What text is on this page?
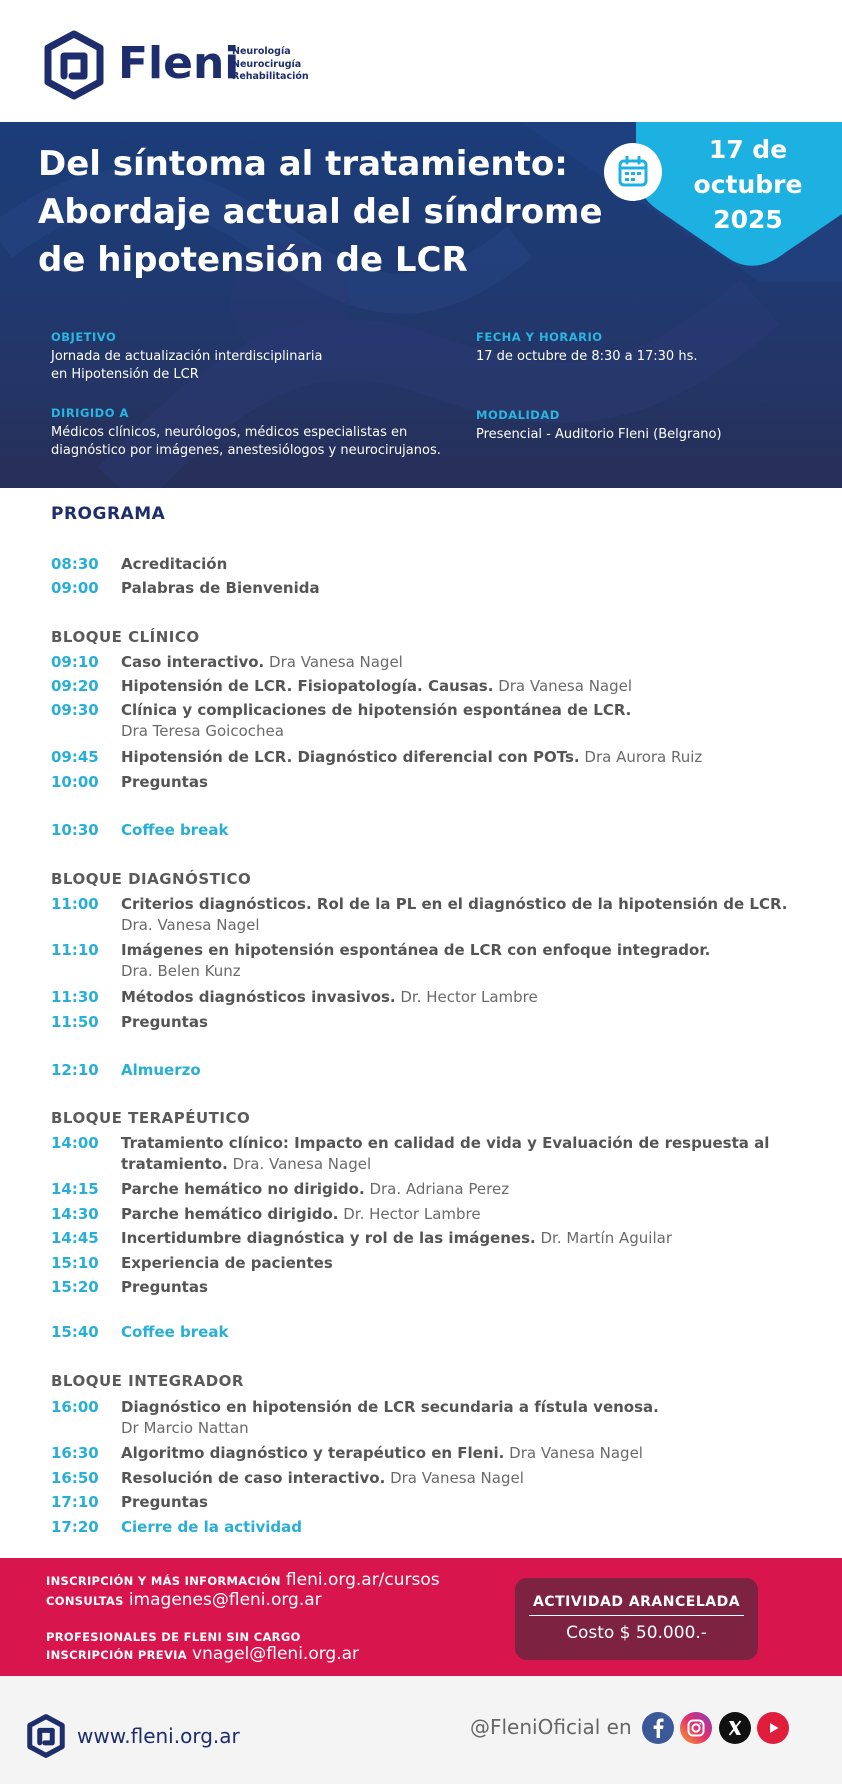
Fleni
Neurología
Neurocirugía
Rehabilitación
Del síntoma al tratamiento:
Abordaje actual del síndrome
de hipotensión de LCR
17 de
octubre
2025
OBJETIVO
Jornada de actualización interdisciplinaria
en Hipotensión de LCR
DIRIGIDO A
Médicos clínicos, neurólogos, médicos especialistas en
diagnóstico por imágenes, anestesiólogos y neurocirujanos.
FECHA Y HORARIO
17 de octubre de 8:30 a 17:30 hs.
MODALIDAD
Presencial - Auditorio Fleni (Belgrano)
PROGRAMA
08:30	Acreditación
09:00	Palabras de Bienvenida
BLOQUE CLÍNICO
09:10	Caso interactivo. Dra Vanesa Nagel
09:20	Hipotensión de LCR. Fisiopatología. Causas. Dra Vanesa Nagel
09:30	Clínica y complicaciones de hipotensión espontánea de LCR.
Dra Teresa Goicochea
09:45	Hipotensión de LCR. Diagnóstico diferencial con POTs. Dra Aurora Ruiz
10:00	Preguntas
10:30	Coffee break
BLOQUE DIAGNÓSTICO
11:00	Criterios diagnósticos. Rol de la PL en el diagnóstico de la hipotensión de LCR.
Dra. Vanesa Nagel
11:10	Imágenes en hipotensión espontánea de LCR con enfoque integrador.
Dra. Belen Kunz
11:30	Métodos diagnósticos invasivos. Dr. Hector Lambre
11:50	Preguntas
12:10	Almuerzo
BLOQUE TERAPÉUTICO
14:00	Tratamiento clínico: Impacto en calidad de vida y Evaluación de respuesta al
tratamiento. Dra. Vanesa Nagel
14:15	Parche hemático no dirigido. Dra. Adriana Perez
14:30	Parche hemático dirigido. Dr. Hector Lambre
14:45	Incertidumbre diagnóstica y rol de las imágenes. Dr. Martín Aguilar
15:10	Experiencia de pacientes
15:20	Preguntas
15:40	Coffee break
BLOQUE INTEGRADOR
16:00	Diagnóstico en hipotensión de LCR secundaria a fístula venosa.
Dr Marcio Nattan
16:30	Algoritmo diagnóstico y terapéutico en Fleni. Dra Vanesa Nagel
16:50	Resolución de caso interactivo. Dra Vanesa Nagel
17:10	Preguntas
17:20	Cierre de la actividad
INSCRIPCIÓN Y MÁS INFORMACIÓN fleni.org.ar/cursos
CONSULTAS imagenes@fleni.org.ar
PROFESIONALES DE FLENI SIN CARGO
INSCRIPCIÓN PREVIA vnagel@fleni.org.ar
ACTIVIDAD ARANCELADA
Costo $ 50.000.-
www.fleni.org.ar	@FleniOficial en
